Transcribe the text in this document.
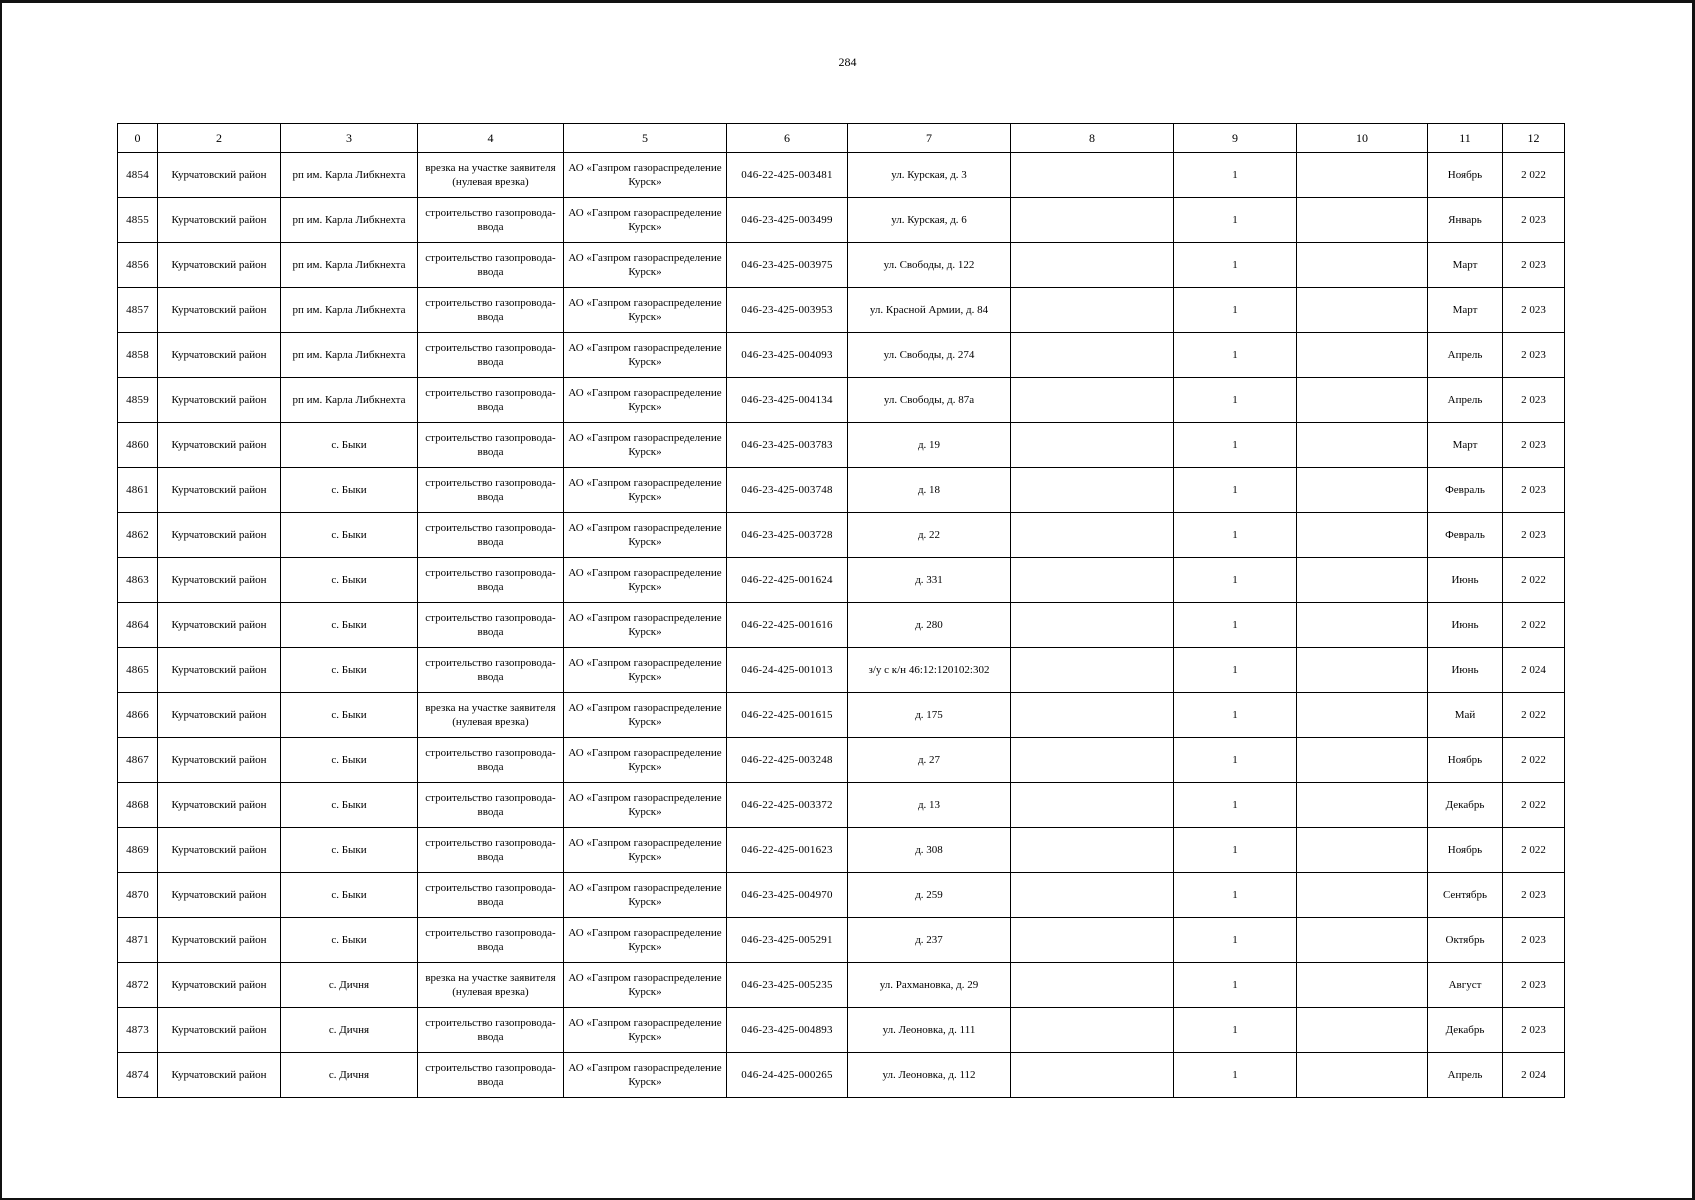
284
0	2	3	4	5	6	7	8	9	10	11	12
4854	Курчатовский район	рп им. Карла Либкнехта	врезка на участке заявителя (нулевая врезка)	АО «Газпром газораспределение Курск»	046-22-425-003481	ул. Курская, д. 3		1		Ноябрь	2 022
4855	Курчатовский район	рп им. Карла Либкнехта	строительство газопровода-ввода	АО «Газпром газораспределение Курск»	046-23-425-003499	ул. Курская, д. 6		1		Январь	2 023
4856	Курчатовский район	рп им. Карла Либкнехта	строительство газопровода-ввода	АО «Газпром газораспределение Курск»	046-23-425-003975	ул. Свободы, д. 122		1		Март	2 023
4857	Курчатовский район	рп им. Карла Либкнехта	строительство газопровода-ввода	АО «Газпром газораспределение Курск»	046-23-425-003953	ул. Красной Армии, д. 84		1		Март	2 023
4858	Курчатовский район	рп им. Карла Либкнехта	строительство газопровода-ввода	АО «Газпром газораспределение Курск»	046-23-425-004093	ул. Свободы, д. 274		1		Апрель	2 023
4859	Курчатовский район	рп им. Карла Либкнехта	строительство газопровода-ввода	АО «Газпром газораспределение Курск»	046-23-425-004134	ул. Свободы, д. 87а		1		Апрель	2 023
4860	Курчатовский район	с. Быки	строительство газопровода-ввода	АО «Газпром газораспределение Курск»	046-23-425-003783	д. 19		1		Март	2 023
4861	Курчатовский район	с. Быки	строительство газопровода-ввода	АО «Газпром газораспределение Курск»	046-23-425-003748	д. 18		1		Февраль	2 023
4862	Курчатовский район	с. Быки	строительство газопровода-ввода	АО «Газпром газораспределение Курск»	046-23-425-003728	д. 22		1		Февраль	2 023
4863	Курчатовский район	с. Быки	строительство газопровода-ввода	АО «Газпром газораспределение Курск»	046-22-425-001624	д. 331		1		Июнь	2 022
4864	Курчатовский район	с. Быки	строительство газопровода-ввода	АО «Газпром газораспределение Курск»	046-22-425-001616	д. 280		1		Июнь	2 022
4865	Курчатовский район	с. Быки	строительство газопровода-ввода	АО «Газпром газораспределение Курск»	046-24-425-001013	з/у с к/н 46:12:120102:302		1		Июнь	2 024
4866	Курчатовский район	с. Быки	врезка на участке заявителя (нулевая врезка)	АО «Газпром газораспределение Курск»	046-22-425-001615	д. 175		1		Май	2 022
4867	Курчатовский район	с. Быки	строительство газопровода-ввода	АО «Газпром газораспределение Курск»	046-22-425-003248	д. 27		1		Ноябрь	2 022
4868	Курчатовский район	с. Быки	строительство газопровода-ввода	АО «Газпром газораспределение Курск»	046-22-425-003372	д. 13		1		Декабрь	2 022
4869	Курчатовский район	с. Быки	строительство газопровода-ввода	АО «Газпром газораспределение Курск»	046-22-425-001623	д. 308		1		Ноябрь	2 022
4870	Курчатовский район	с. Быки	строительство газопровода-ввода	АО «Газпром газораспределение Курск»	046-23-425-004970	д. 259		1		Сентябрь	2 023
4871	Курчатовский район	с. Быки	строительство газопровода-ввода	АО «Газпром газораспределение Курск»	046-23-425-005291	д. 237		1		Октябрь	2 023
4872	Курчатовский район	с. Дичня	врезка на участке заявителя (нулевая врезка)	АО «Газпром газораспределение Курск»	046-23-425-005235	ул. Рахмановка, д. 29		1		Август	2 023
4873	Курчатовский район	с. Дичня	строительство газопровода-ввода	АО «Газпром газораспределение Курск»	046-23-425-004893	ул. Леоновка, д. 111		1		Декабрь	2 023
4874	Курчатовский район	с. Дичня	строительство газопровода-ввода	АО «Газпром газораспределение Курск»	046-24-425-000265	ул. Леоновка, д. 112		1		Апрель	2 024
